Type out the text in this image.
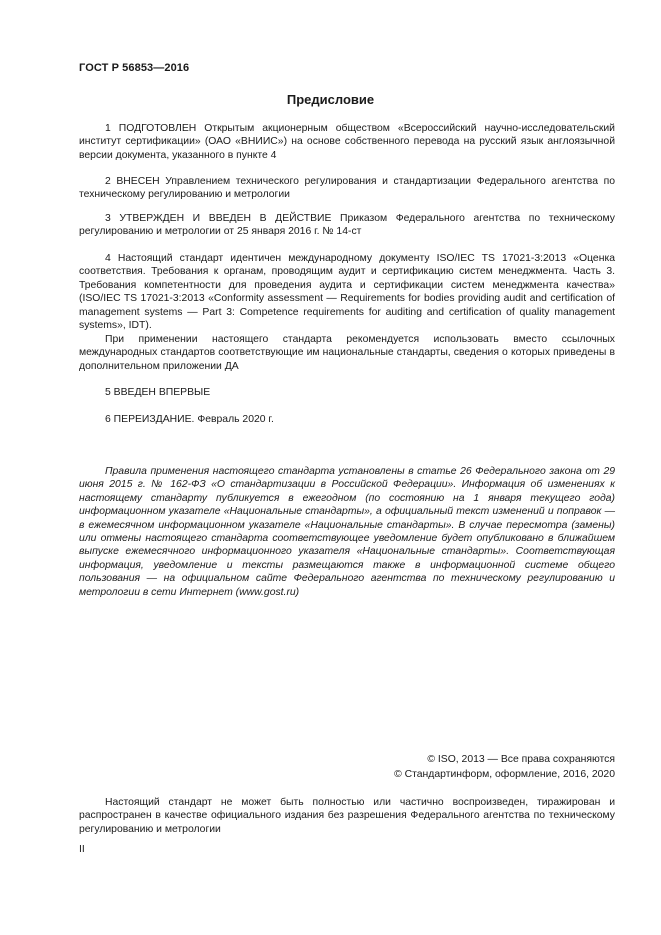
ГОСТ Р 56853—2016
Предисловие

1 ПОДГОТОВЛЕН Открытым акционерным обществом «Всероссийский научно-исследовательский институт сертификации» (ОАО «ВНИИС») на основе собственного перевода на русский язык англоязычной версии документа, указанного в пункте 4

2 ВНЕСЕН Управлением технического регулирования и стандартизации Федерального агентства по техническому регулированию и метрологии

3 УТВЕРЖДЕН И ВВЕДЕН В ДЕЙСТВИЕ Приказом Федерального агентства по техническому регулированию и метрологии от 25 января 2016 г. № 14-ст

4 Настоящий стандарт идентичен международному документу ISO/IEC TS 17021-3:2013 «Оценка соответствия. Требования к органам, проводящим аудит и сертификацию систем менеджмента. Часть 3. Требования компетентности для проведения аудита и сертификации систем менеджмента качества» (ISO/IEC TS 17021-3:2013 «Conformity assessment — Requirements for bodies providing audit and certification of management systems — Part 3: Competence requirements for auditing and certification of quality management systems», IDT).

При применении настоящего стандарта рекомендуется использовать вместо ссылочных международных стандартов соответствующие им национальные стандарты, сведения о которых приведены в дополнительном приложении ДА

5 ВВЕДЕН ВПЕРВЫЕ

6 ПЕРЕИЗДАНИЕ. Февраль 2020 г.

Правила применения настоящего стандарта установлены в статье 26 Федерального закона от 29 июня 2015 г. № 162-ФЗ «О стандартизации в Российской Федерации». Информация об изменениях к настоящему стандарту публикуется в ежегодном (по состоянию на 1 января текущего года) информационном указателе «Национальные стандарты», а официальный текст изменений и поправок — в ежемесячном информационном указателе «Национальные стандарты». В случае пересмотра (замены) или отмены настоящего стандарта соответствующее уведомление будет опубликовано в ближайшем выпуске ежемесячного информационного указателя «Национальные стандарты». Соответствующая информация, уведомление и тексты размещаются также в информационной системе общего пользования — на официальном сайте Федерального агентства по техническому регулированию и метрологии в сети Интернет (www.gost.ru)

© ISO, 2013 — Все права сохраняются
© Стандартинформ, оформление, 2016, 2020

Настоящий стандарт не может быть полностью или частично воспроизведен, тиражирован и распространен в качестве официального издания без разрешения Федерального агентства по техническому регулированию и метрологии

II
